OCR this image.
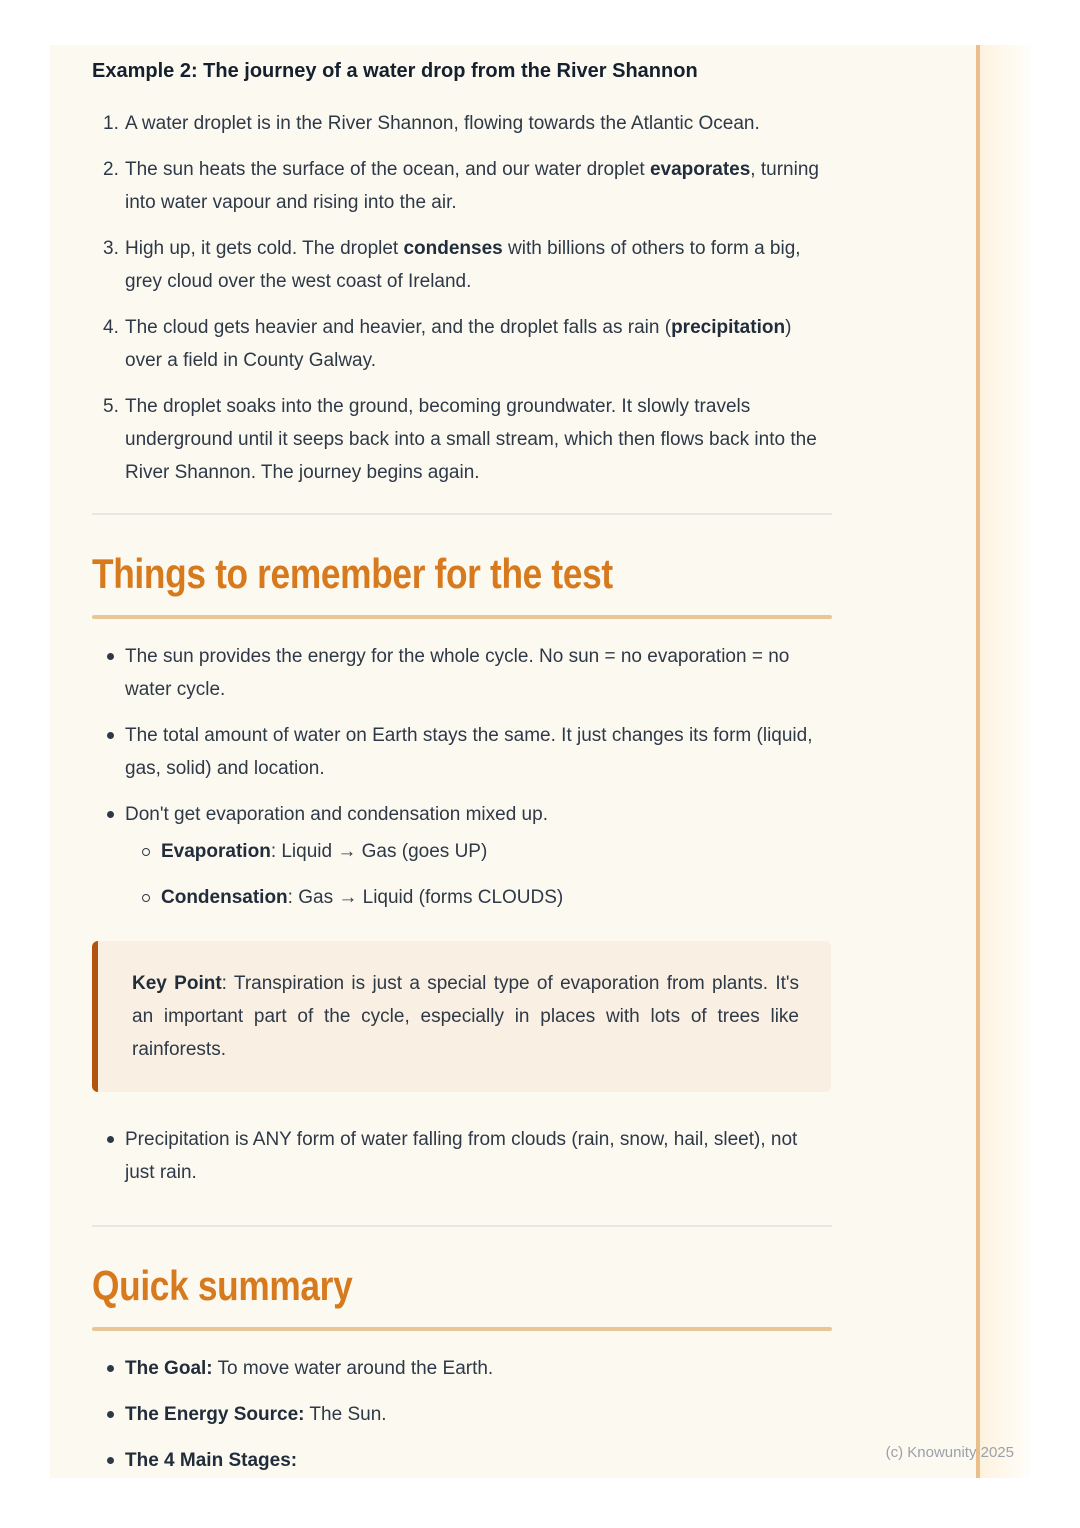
Example 2: The journey of a water drop from the River Shannon
1. A water droplet is in the River Shannon, flowing towards the Atlantic Ocean.
2. The sun heats the surface of the ocean, and our water droplet evaporates, turning into water vapour and rising into the air.
3. High up, it gets cold. The droplet condenses with billions of others to form a big, grey cloud over the west coast of Ireland.
4. The cloud gets heavier and heavier, and the droplet falls as rain (precipitation) over a field in County Galway.
5. The droplet soaks into the ground, becoming groundwater. It slowly travels underground until it seeps back into a small stream, which then flows back into the River Shannon. The journey begins again.
Things to remember for the test
The sun provides the energy for the whole cycle. No sun = no evaporation = no water cycle.
The total amount of water on Earth stays the same. It just changes its form (liquid, gas, solid) and location.
Don't get evaporation and condensation mixed up.
Evaporation: Liquid → Gas (goes UP)
Condensation: Gas → Liquid (forms CLOUDS)
Key Point: Transpiration is just a special type of evaporation from plants. It's an important part of the cycle, especially in places with lots of trees like rainforests.
Precipitation is ANY form of water falling from clouds (rain, snow, hail, sleet), not just rain.
Quick summary
The Goal: To move water around the Earth.
The Energy Source: The Sun.
The 4 Main Stages:	(c) Knowunity 2025
